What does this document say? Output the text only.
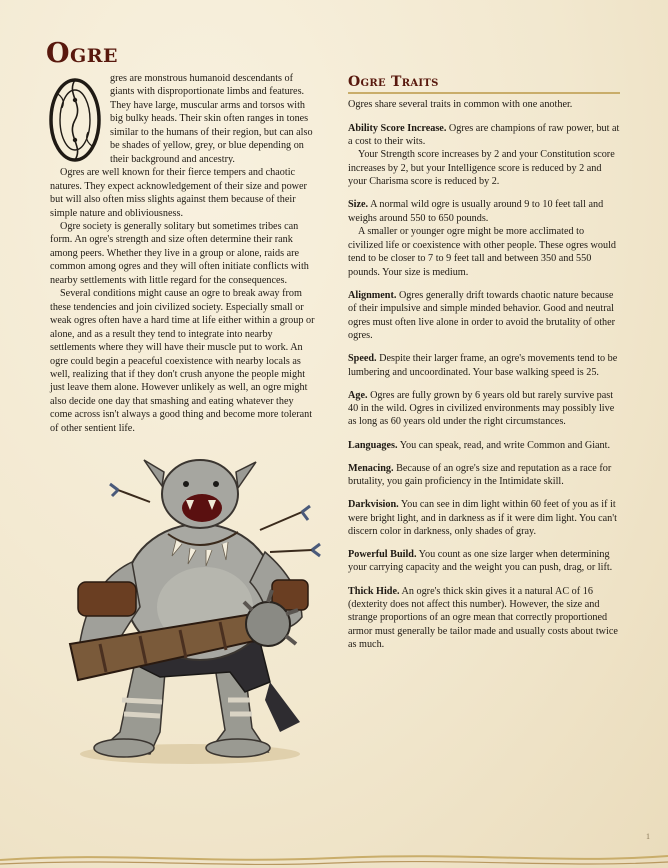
Ogre

gres are monstrous humanoid descendants of giants with disproportionate limbs and features. They have large, muscular arms and torsos with big bulky heads. Their skin often ranges in tones similar to the humans of their region, but can also be shades of yellow, grey, or blue depending on their background and ancestry.

Ogres are well known for their fierce tempers and chaotic natures. They expect acknowledgement of their size and power but will also often miss slights against them because of their simple nature and obliviousness.

Ogre society is generally solitary but sometimes tribes can form. An ogre's strength and size often determine their rank among peers. Whether they live in a group or alone, raids are common among ogres and they will often initiate conflicts with nearby settlements with little regard for the consequences.

Several conditions might cause an ogre to break away from these tendencies and join civilized society. Especially small or weak ogres often have a hard time at life either within a group or alone, and as a result they tend to integrate into nearby settlements where they will have their muscle put to work. An ogre could begin a peaceful coexistence with nearby locals as well, realizing that if they don't crush anyone the people might just leave them alone. However unlikely as well, an ogre might also decide one day that smashing and eating whatever they come across isn't always a good thing and become more tolerant of other sentient life.

Ogre Traits

Ogres share several traits in common with one another.

Ability Score Increase. Ogres are champions of raw power, but at a cost to their wits.

Your Strength score increases by 2 and your Constitution score increases by 2, but your Intelligence score is reduced by 2 and your Charisma score is reduced by 2.

Size. A normal wild ogre is usually around 9 to 10 feet tall and weighs around 550 to 650 pounds.

A smaller or younger ogre might be more acclimated to civilized life or coexistence with other people. These ogres would tend to be closer to 7 to 9 feet tall and between 350 and 550 pounds. Your size is medium.

Alignment. Ogres generally drift towards chaotic nature because of their impulsive and simple minded behavior. Good and neutral ogres must often live alone in order to avoid the brutality of other ogres.

Speed. Despite their larger frame, an ogre's movements tend to be lumbering and uncoordinated. Your base walking speed is 25.

Age. Ogres are fully grown by 6 years old but rarely survive past 40 in the wild. Ogres in civilized environments may possibly live as long as 60 years old under the right circumstances.

Languages. You can speak, read, and write Common and Giant.

Menacing. Because of an ogre's size and reputation as a race for brutality, you gain proficiency in the Intimidate skill.

Darkvision. You can see in dim light within 60 feet of you as if it were bright light, and in darkness as if it were dim light. You can't discern color in darkness, only shades of gray.

Powerful Build. You count as one size larger when determining your carrying capacity and the weight you can push, drag, or lift.

Thick Hide. An ogre's thick skin gives it a natural AC of 16 (dexterity does not affect this number). However, the size and strange proportions of an ogre mean that correctly proportioned armor must generally be tailor made and usually costs about twice as much.

1
